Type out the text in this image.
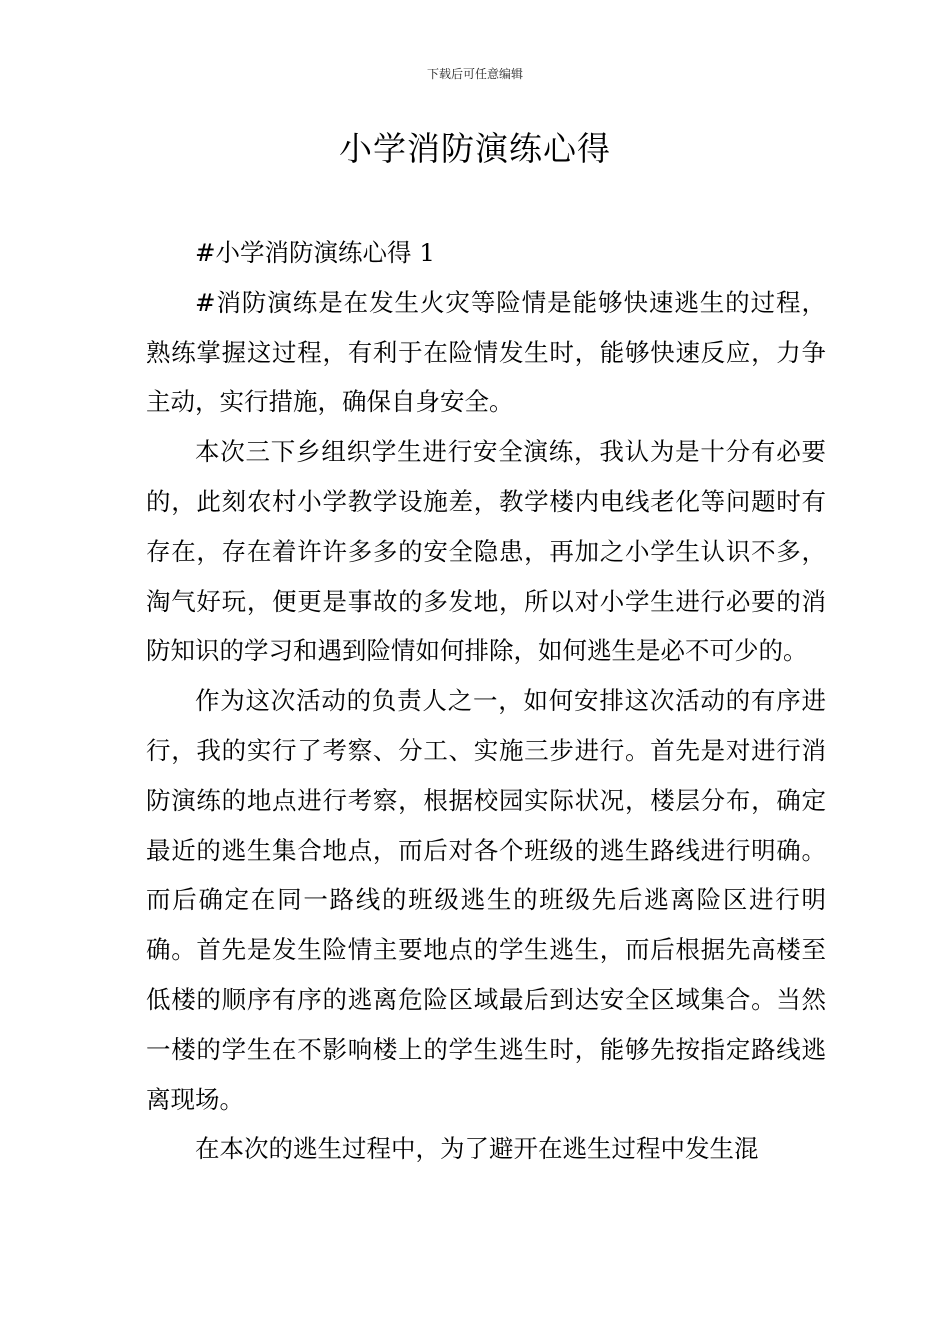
下载后可任意编辑
小学消防演练心得

#小学消防演练心得 1

#消防演练是在发生火灾等险情是能够快速逃生的过程，熟练掌握这过程，有利于在险情发生时，能够快速反应，力争主动，实行措施，确保自身安全。

本次三下乡组织学生进行安全演练，我认为是十分有必要的，此刻农村小学教学设施差，教学楼内电线老化等问题时有存在，存在着许许多多的安全隐患，再加之小学生认识不多，淘气好玩，便更是事故的多发地，所以对小学生进行必要的消防知识的学习和遇到险情如何排除，如何逃生是必不可少的。

作为这次活动的负责人之一，如何安排这次活动的有序进行，我的实行了考察、分工、实施三步进行。首先是对进行消防演练的地点进行考察，根据校园实际状况，楼层分布，确定最近的逃生集合地点，而后对各个班级的逃生路线进行明确。而后确定在同一路线的班级逃生的班级先后逃离险区进行明确。首先是发生险情主要地点的学生逃生，而后根据先高楼至低楼的顺序有序的逃离危险区域最后到达安全区域集合。当然一楼的学生在不影响楼上的学生逃生时，能够先按指定路线逃离现场。

在本次的逃生过程中，为了避开在逃生过程中发生混
